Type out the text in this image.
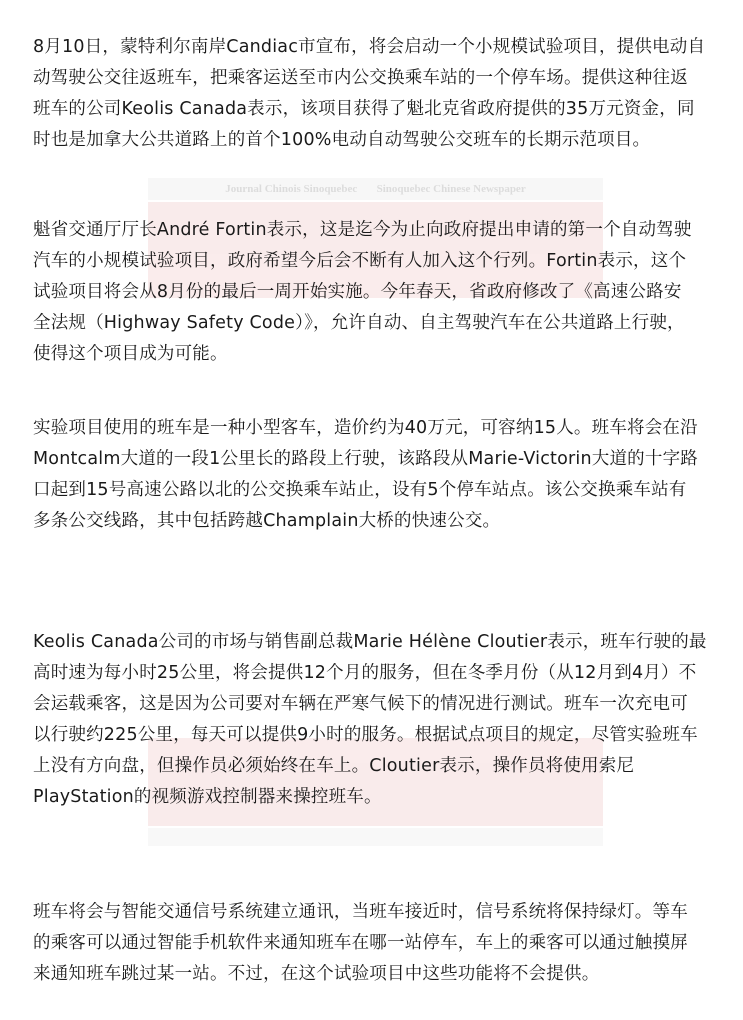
Journal Chinois Sinoquebec Sinoquebec Chinese Newspaper

8月10日，蒙特利尔南岸Candiac市宣布，将会启动一个小规模试验项目，提供电动自
动驾驶公交往返班车，把乘客运送至市内公交换乘车站的一个停车场。提供这种往返
班车的公司Keolis Canada表示，该项目获得了魁北克省政府提供的35万元资金，同
时也是加拿大公共道路上的首个100%电动自动驾驶公交班车的长期示范项目。

魁省交通厅厅长André Fortin表示，这是迄今为止向政府提出申请的第一个自动驾驶
汽车的小规模试验项目，政府希望今后会不断有人加入这个行列。Fortin表示，这个
试验项目将会从8月份的最后一周开始实施。今年春天，省政府修改了《高速公路安
全法规（Highway Safety Code）》，允许自动、自主驾驶汽车在公共道路上行驶，
使得这个项目成为可能。

实验项目使用的班车是一种小型客车，造价约为40万元，可容纳15人。班车将会在沿
Montcalm大道的一段1公里长的路段上行驶，该路段从Marie-Victorin大道的十字路
口起到15号高速公路以北的公交换乘车站止，设有5个停车站点。该公交换乘车站有
多条公交线路，其中包括跨越Champlain大桥的快速公交。

Keolis Canada公司的市场与销售副总裁Marie Hélène Cloutier表示，班车行驶的最
高时速为每小时25公里，将会提供12个月的服务，但在冬季月份（从12月到4月）不
会运载乘客，这是因为公司要对车辆在严寒气候下的情况进行测试。班车一次充电可
以行驶约225公里，每天可以提供9小时的服务。根据试点项目的规定，尽管实验班车
上没有方向盘，但操作员必须始终在车上。Cloutier表示，操作员将使用索尼
PlayStation的视频游戏控制器来操控班车。

班车将会与智能交通信号系统建立通讯，当班车接近时，信号系统将保持绿灯。等车
的乘客可以通过智能手机软件来通知班车在哪一站停车，车上的乘客可以通过触摸屏
来通知班车跳过某一站。不过，在这个试验项目中这些功能将不会提供。
